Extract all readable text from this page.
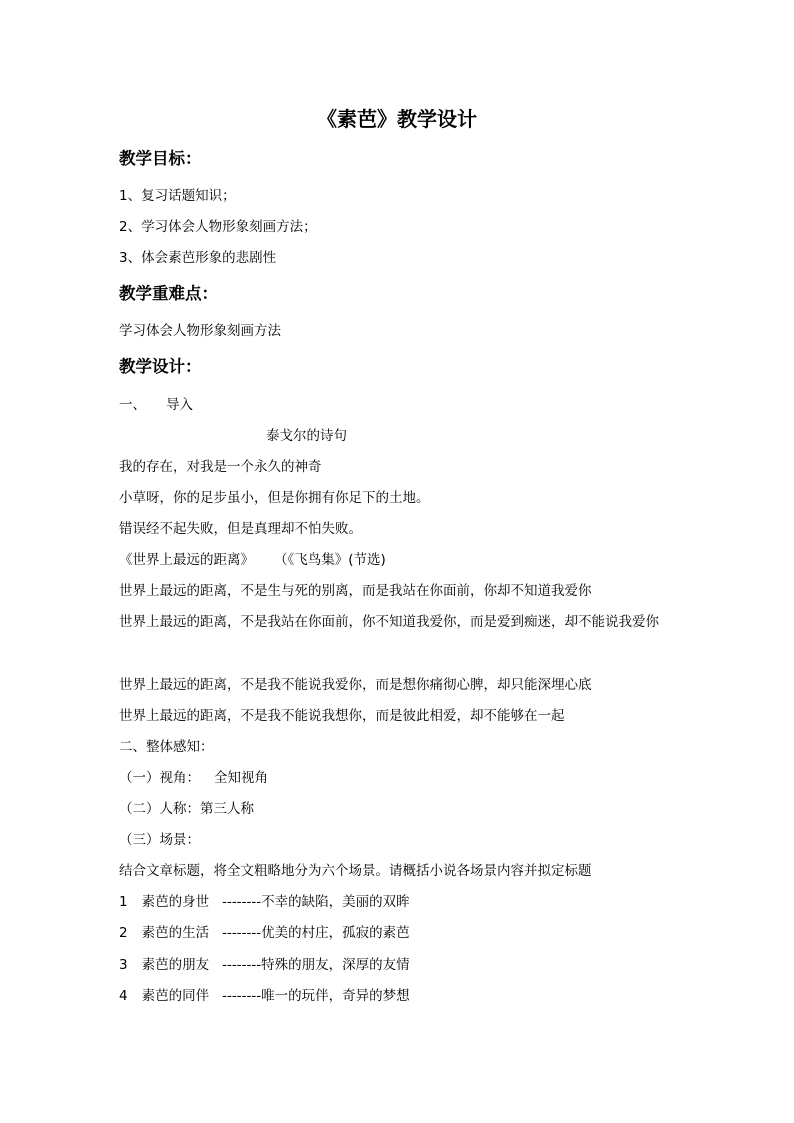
《素芭》教学设计
教学目标：
1、复习话题知识；
2、学习体会人物形象刻画方法；
3、体会素芭形象的悲剧性
教学重难点：
学习体会人物形象刻画方法
教学设计：
一、 导入
泰戈尔的诗句
我的存在，对我是一个永久的神奇
小草呀，你的足步虽小，但是你拥有你足下的土地。
错误经不起失败，但是真理却不怕失败。
《世界上最远的距离》 （《飞鸟集》(节选)
世界上最远的距离，不是生与死的别离，而是我站在你面前，你却不知道我爱你
世界上最远的距离，不是我站在你面前，你不知道我爱你，而是爱到痴迷，却不能说我爱你
世界上最远的距离，不是我不能说我爱你，而是想你痛彻心脾，却只能深埋心底
世界上最远的距离，不是我不能说我想你，而是彼此相爱，却不能够在一起
二、整体感知：
（一）视角： 全知视角
（二）人称：第三人称
（三）场景：
结合文章标题，将全文粗略地分为六个场景。请概括小说各场景内容并拟定标题
1 素芭的身世 --------不幸的缺陷，美丽的双眸
2 素芭的生活 --------优美的村庄，孤寂的素芭
3 素芭的朋友 --------特殊的朋友，深厚的友情
4 素芭的同伴 --------唯一的玩伴，奇异的梦想
